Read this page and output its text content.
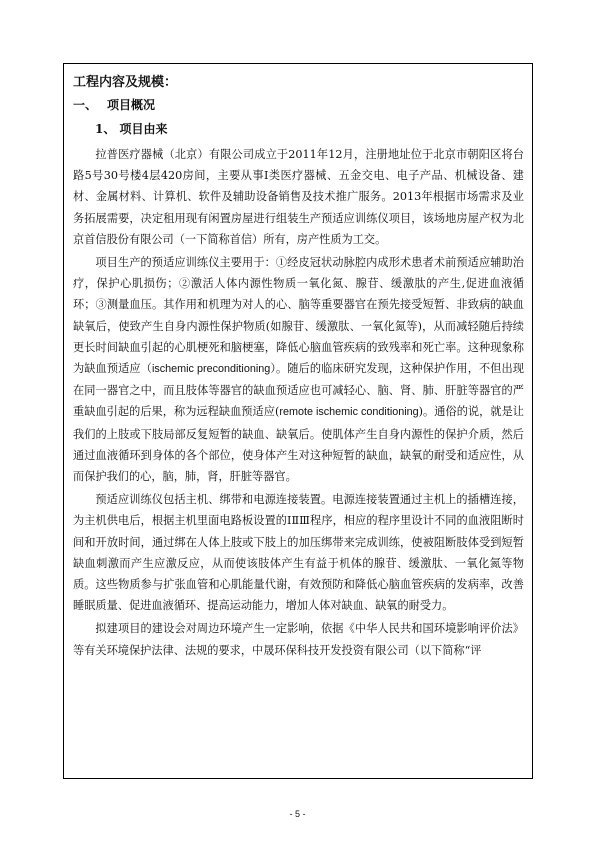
工程内容及规模：
一、 项目概况
1、 项目由来

拉普医疗器械（北京）有限公司成立于2011年12月，注册地址位于北京市朝阳区将台路5号30号楼4层420房间，主要从事Ⅰ类医疗器械、五金交电、电子产品、机械设备、建材、金属材料、计算机、软件及辅助设备销售及技术推广服务。2013年根据市场需求及业务拓展需要，决定租用现有闲置房屋进行组装生产预适应训练仪项目，该场地房屋产权为北京首信股份有限公司（一下简称首信）所有，房产性质为工交。

项目生产的预适应训练仪主要用于：①经皮冠状动脉腔内成形术患者术前预适应辅助治疗，保护心肌损伤；②激活人体内源性物质一氧化氮、腺苷、缓激肽的产生,促进血液循环；③测量血压。其作用和机理为对人的心、脑等重要器官在预先接受短暂、非致病的缺血缺氧后，使致产生自身内源性保护物质(如腺苷、缓激肽、一氧化氮等)，从而减轻随后持续更长时间缺血引起的心肌梗死和脑梗塞，降低心脑血管疾病的致残率和死亡率。这种现象称为缺血预适应（ischemic preconditioning）。随后的临床研究发现，这种保护作用，不但出现在同一器官之中，而且肢体等器官的缺血预适应也可减轻心、脑、肾、肺、肝脏等器官的严重缺血引起的后果，称为远程缺血预适应(remote ischemic conditioning)。通俗的说，就是让我们的上肢或下肢局部反复短暂的缺血、缺氧后。使肌体产生自身内源性的保护介质，然后通过血液循环到身体的各个部位，使身体产生对这种短暂的缺血，缺氧的耐受和适应性，从而保护我们的心，脑，肺，肾，肝脏等器官。

预适应训练仪包括主机、绑带和电源连接装置。电源连接装置通过主机上的插槽连接，为主机供电后，根据主机里面电路板设置的ⅠⅡⅢ程序，相应的程序里设计不同的血液阻断时间和开放时间，通过绑在人体上肢或下肢上的加压绑带来完成训练，使被阻断肢体受到短暂缺血刺激而产生应激反应，从而使该肢体产生有益于机体的腺苷、缓激肽、一氧化氮等物质。这些物质参与扩张血管和心肌能量代谢，有效预防和降低心脑血管疾病的发病率，改善睡眠质量、促进血液循环、提高运动能力，增加人体对缺血、缺氧的耐受力。

拟建项目的建设会对周边环境产生一定影响，依据《中华人民共和国环境影响评价法》等有关环境保护法律、法规的要求，中晟环保科技开发投资有限公司（以下简称“评

- 5 -
